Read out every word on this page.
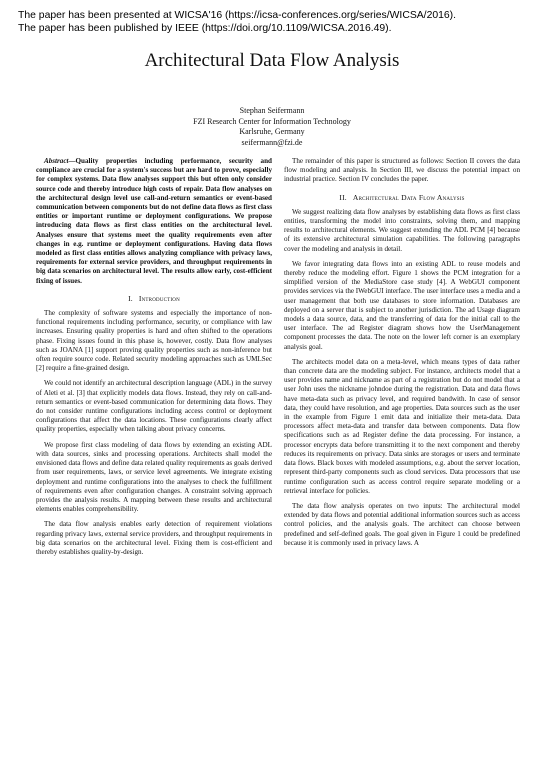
The paper has been presented at WICSA'16 (https://icsa-conferences.org/series/WICSA/2016).
The paper has been published by IEEE (https://doi.org/10.1109/WICSA.2016.49).
Architectural Data Flow Analysis
Stephan Seifermann
FZI Research Center for Information Technology
Karlsruhe, Germany
seifermann@fzi.de
Abstract—Quality properties including performance, security and compliance are crucial for a system's success but are hard to prove, especially for complex systems. Data flow analyses support this but often only consider source code and thereby introduce high costs of repair. Data flow analyses on the architectural design level use call-and-return semantics or event-based communication between components but do not define data flows as first class entities or important runtime or deployment configurations. We propose introducing data flows as first class entities on the architectural level. Analyses ensure that systems meet the quality requirements even after changes in e.g. runtime or deployment configurations. Having data flows modeled as first class entities allows analyzing compliance with privacy laws, requirements for external service providers, and throughput requirements in big data scenarios on architectural level. The results allow early, cost-efficient fixing of issues.
I. Introduction

The complexity of software systems and especially the importance of non-functional requirements including performance, security, or compliance with law increases. Ensuring quality properties is hard and often shifted to the operations phase. Fixing issues found in this phase is, however, costly. Data flow analyses such as JOANA [1] support proving quality properties such as non-inference but often require source code. Related security modeling approaches such as UMLSec [2] require a fine-grained design.

We could not identify an architectural description language (ADL) in the survey of Aleti et al. [3] that explicitly models data flows. Instead, they rely on call-and-return semantics or event-based communication for determining data flows. They do not consider runtime configurations including access control or deployment configurations that affect the data locations. These configurations clearly affect quality properties, especially when talking about privacy concerns.

We propose first class modeling of data flows by extending an existing ADL with data sources, sinks and processing operations. Architects shall model the envisioned data flows and define data related quality requirements as goals derived from user requirements, laws, or service level agreements. We integrate existing deployment and runtime configurations into the analyses to check the fulfillment of requirements even after configuration changes. A constraint solving approach provides the analysis results. A mapping between these results and architectural elements enables comprehensibility.

The data flow analysis enables early detection of requirement violations regarding privacy laws, external service providers, and throughput requirements in big data scenarios on the architectural level. Fixing them is cost-efficient and thereby establishes quality-by-design.

The remainder of this paper is structured as follows: Section II covers the data flow modeling and analysis. In Section III, we discuss the potential impact on industrial practice. Section IV concludes the paper.

II. Architectural Data Flow Analysis

We suggest realizing data flow analyses by establishing data flows as first class entities, transforming the model into constraints, solving them, and mapping results to architectural elements. We suggest extending the ADL PCM [4] because of its extensive architectural simulation capabilities. The following paragraphs cover the modeling and analysis in detail.

We favor integrating data flows into an existing ADL to reuse models and thereby reduce the modeling effort. Figure 1 shows the PCM integration for a simplified version of the MediaStore case study [4]. A WebGUI component provides services via the IWebGUI interface. The user interface uses a media and a user management that both use databases to store information. Databases are deployed on a server that is subject to another jurisdiction. The ad Usage diagram models a data source, data, and the transferring of data for the initial call to the user interface. The ad Register diagram shows how the UserManagement component processes the data. The note on the lower left corner is an exemplary analysis goal.

The architects model data on a meta-level, which means types of data rather than concrete data are the modeling subject. For instance, architects model that a user provides name and nickname as part of a registration but do not model that a user John uses the nickname johndoe during the registration. Data and data flows have meta-data such as privacy level, and required bandwith. In case of sensor data, they could have resolution, and age properties. Data sources such as the user in the example from Figure 1 emit data and initialize their meta-data. Data processors affect meta-data and transfer data between components. Data flow specifications such as ad Register define the data processing. For instance, a processor encrypts data before transmitting it to the next component and thereby reduces its requirements on privacy. Data sinks are storages or users and terminate data flows. Black boxes with modeled assumptions, e.g. about the server location, represent third-party components such as cloud services. Data processors that use runtime configuration such as access control require separate modeling or a retrieval interface for policies.

The data flow analysis operates on two inputs: The architectural model extended by data flows and potential additional information sources such as access control policies, and the analysis goals. The architect can choose between predefined and self-defined goals. The goal given in Figure 1 could be predefined because it is commonly used in privacy laws. A
